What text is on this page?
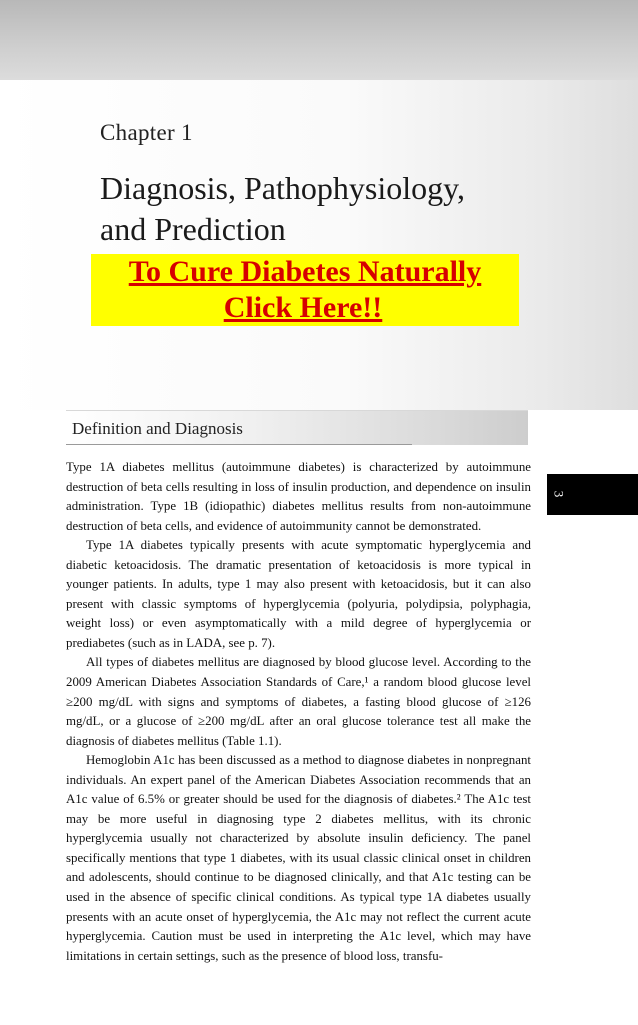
Chapter 1
Diagnosis, Pathophysiology,
and Prediction
To Cure Diabetes Naturally
Click Here!!
Definition and Diagnosis
3

Type 1A diabetes mellitus (autoimmune diabetes) is characterized by autoimmune destruction of beta cells resulting in loss of insulin production, and dependence on insulin administration. Type 1B (idiopathic) diabetes mellitus results from non-autoimmune destruction of beta cells, and evidence of autoimmunity cannot be demonstrated.

Type 1A diabetes typically presents with acute symptomatic hyperglycemia and diabetic ketoacidosis. The dramatic presentation of ketoacidosis is more typical in younger patients. In adults, type 1 may also present with ketoacidosis, but it can also present with classic symptoms of hyperglycemia (polyuria, polydipsia, polyphagia, weight loss) or even asymptomatically with a mild degree of hyperglycemia or prediabetes (such as in LADA, see p. 7).

All types of diabetes mellitus are diagnosed by blood glucose level. According to the 2009 American Diabetes Association Standards of Care,¹ a random blood glucose level ≥200 mg/dL with signs and symptoms of diabetes, a fasting blood glucose of ≥126 mg/dL, or a glucose of ≥200 mg/dL after an oral glucose tolerance test all make the diagnosis of diabetes mellitus (Table 1.1).

Hemoglobin A1c has been discussed as a method to diagnose diabetes in nonpregnant individuals. An expert panel of the American Diabetes Association recommends that an A1c value of 6.5% or greater should be used for the diagnosis of diabetes.² The A1c test may be more useful in diagnosing type 2 diabetes mellitus, with its chronic hyperglycemia usually not characterized by absolute insulin deficiency. The panel specifically mentions that type 1 diabetes, with its usual classic clinical onset in children and adolescents, should continue to be diagnosed clinically, and that A1c testing can be used in the absence of specific clinical conditions. As typical type 1A diabetes usually presents with an acute onset of hyperglycemia, the A1c may not reflect the current acute hyperglycemia. Caution must be used in interpreting the A1c level, which may have limitations in certain settings, such as the presence of blood loss, transfu-
